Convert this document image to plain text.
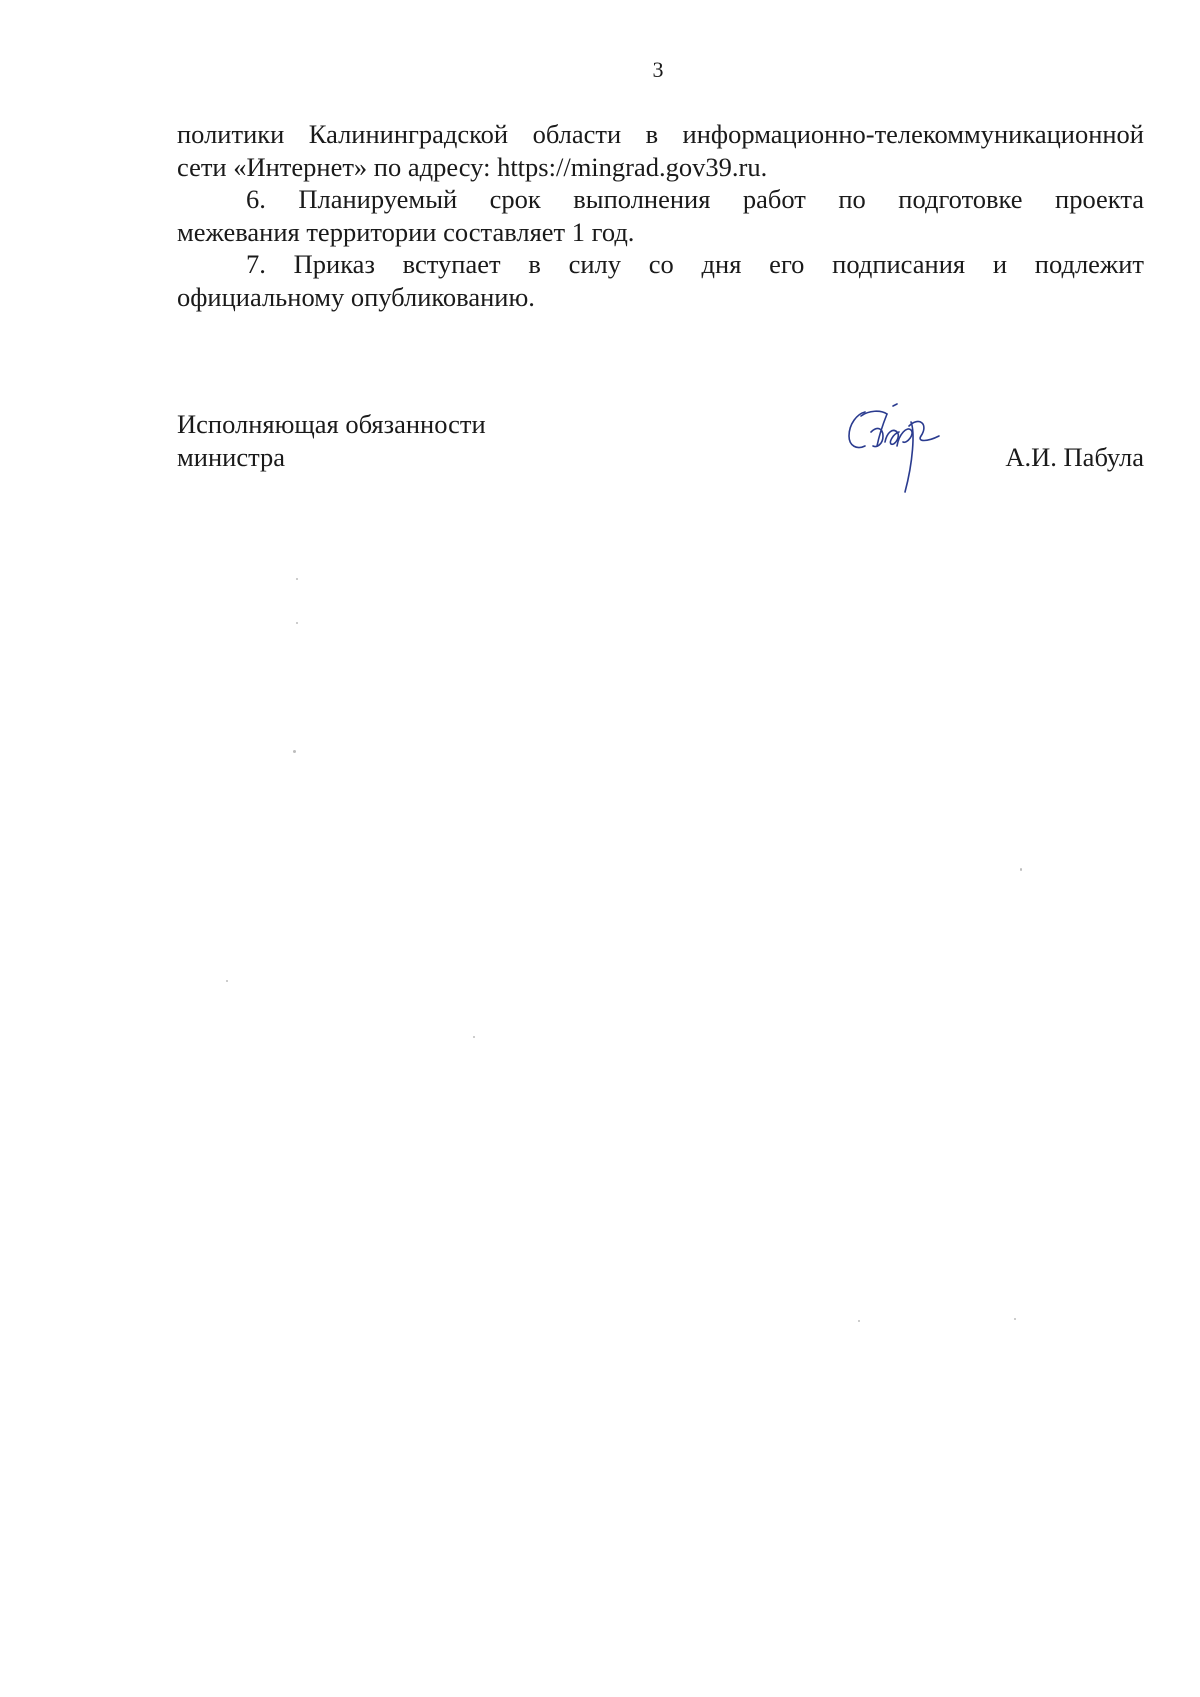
3

политики Калининградской области в информационно-телекоммуникационной
сети «Интернет» по адресу: https://mingrad.gov39.ru.

6. Планируемый срок выполнения работ по подготовке проекта
межевания территории составляет 1 год.

7. Приказ вступает в силу со дня его подписания и подлежит
официальному опубликованию.

Исполняющая обязанности
министра	А.И. Пабула
